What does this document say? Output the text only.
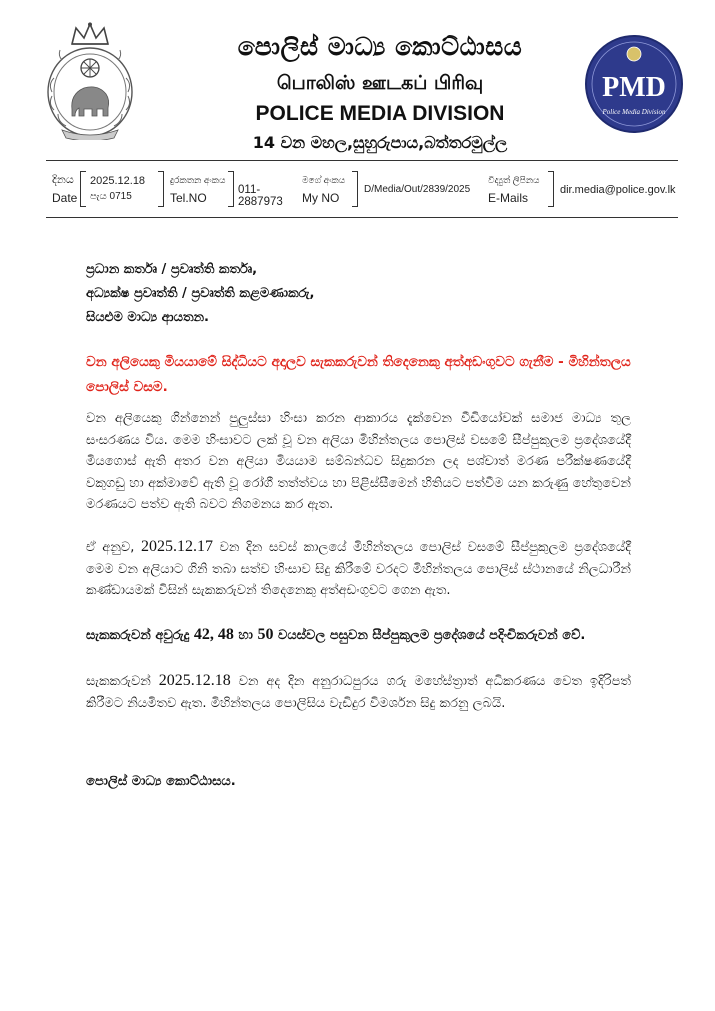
පොලිස් මාධ්‍ය කොට්ඨාසය
பொலிஸ் ஊடகப் பிரிவு
POLICE MEDIA DIVISION
14 වන මහල,සුහුරුපාය,බත්තරමුල්ල
PMD
Police Media Division
දිනය
Date
2025.12.18
පැය 0715
දුරකතන අංකය
Tel.NO
011-2887973
මගේ අංකය
My NO
D/Media/Out/2839/2025
විද්‍යුත් ලිපිනය
E-Mails
dir.media@police.gov.lk
ප්‍රධාන කර්තෘ / ප්‍රවෘත්ති කර්තෘ,
අධ්‍යක්ෂ ප්‍රවෘත්ති / ප්‍රවෘත්ති කළමණාකරු,
සියළුම මාධ්‍ය ආයතන.
වන අලියෙකු මියයාමේ සිද්ධියට අදාලව සැකකරුවන් තිදෙනෙකු අත්අඩංගුවට ගැනීම - මිහින්තලය පොලිස් වසම.
වන අලියෙකු ගින්නෙන් පුලුස්සා හිංසා කරන ආකාරය දැක්වෙන වීඩියෝවක් සමාජ මාධ්‍ය තුල සංසරණය විය. මෙම හිංසාවට ලක් වූ වන අලියා මිහින්තලය පොලිස් වසමේ සීප්පුකුලම ප්‍රදේශයේදී මියගොස් ඇති අතර වන අලියා මියයාම සම්බන්ධව සිදුකරන ලද පශ්චාත් මරණ පරීක්ෂණයේදී වකුගඩු හා අක්මාවේ ඇති වූ රෝගී තත්ත්වය හා පිළිස්සීමෙන් හිතියට පත්වීම යන කරුණු හේතුවෙන් මරණයට පත්ව ඇති බවට නිගමනය කර ඇත.
ඒ අනුව, 2025.12.17 වන දින සවස් කාලයේ මිහින්තලය පොලිස් වසමේ සීප්පුකුලම ප්‍රදේශයේදී මෙම වන අලියාට ගිනි තබා සත්ව හිංසාව සිදු කිරීමේ වරදට මිහින්තලය පොලිස් ස්ථානයේ නිලධාරීන් කණ්ඩායමක් විසින් සැකකරුවන් තිදෙනෙකු අත්අඩංගුවට ගෙන ඇත.
සැකකරුවන් අවුරුදු 42, 48 හා 50 වයස්වල පසුවන සීප්පුකුලම ප්‍රදේශයේ පදිංචිකරුවන් වේ.
සැකකරුවන් 2025.12.18 වන අද දින අනුරාධපුරය ගරු මහේස්ත්‍රාත් අධිකරණය වෙත ඉදිරිපත් කිරීමට නියමිතව ඇත. මිහින්තලය පොලිසිය වැඩිදුර විමර්ශන සිදු කරනු ලබයි.
පොලිස් මාධ්‍ය කොට්ඨාසය.
